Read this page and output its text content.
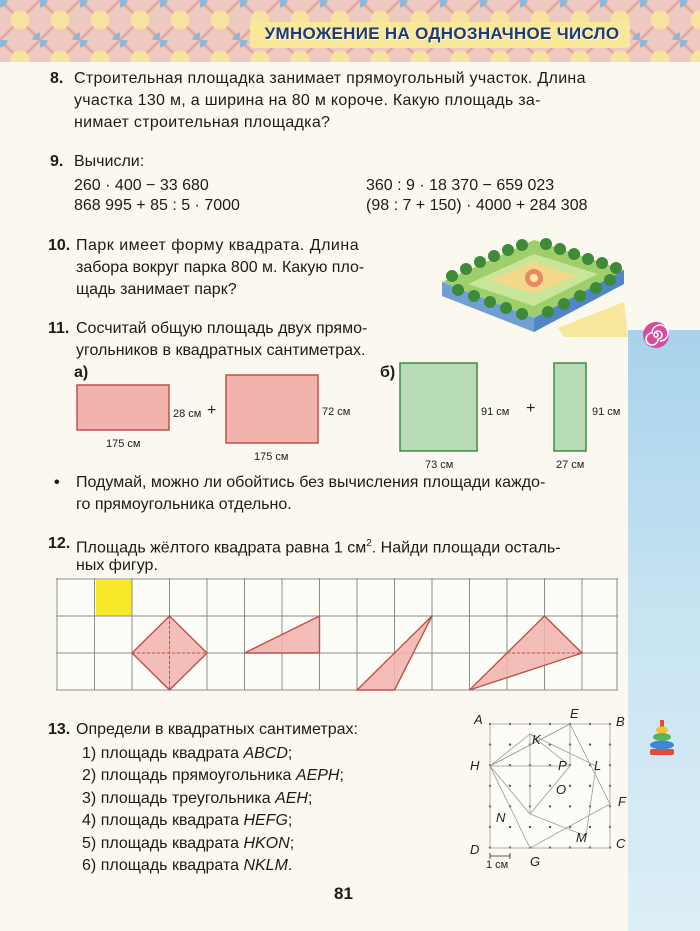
УМНОЖЕНИЕ НА ОДНОЗНАЧНОЕ ЧИСЛО
8. Строительная площадка занимает прямоугольный участок. Длина
участка 130 м, а ширина на 80 м короче. Какую площадь за-
нимает строительная площадка?
9. Вычисли:
260 · 400 − 33 680	360 : 9 · 18 370 − 659 023
868 995 + 85 : 5 · 7000	(98 : 7 + 150) · 4000 + 284 308
10. Парк имеет форму квадрата. Длина
забора вокруг парка 800 м. Какую пло-
щадь занимает парк?
11. Сосчитай общую площадь двух прямо-
угольников в квадратных сантиметрах.
а)	б)
28 см +
175 см
72 см
175 см
91 см +
73 см
91 см
27 см
• Подумай, можно ли обойтись без вычисления площади каждо-
го прямоугольника отдельно.
12. Площадь жёлтого квадрата равна 1 $см^2$. Найди площади осталь-
ных фигур.
13. Определи в квадратных сантиметрах:
1) площадь квадрата ABCD;
2) площадь прямоугольника AEPH;
3) площадь треугольника AEH;
4) площадь квадрата HEFG;
5) площадь квадрата HKON;
6) площадь квадрата NKLM.
A	E
B
K
H	P L
O
F
N
M
D	C
G
1 см
81
